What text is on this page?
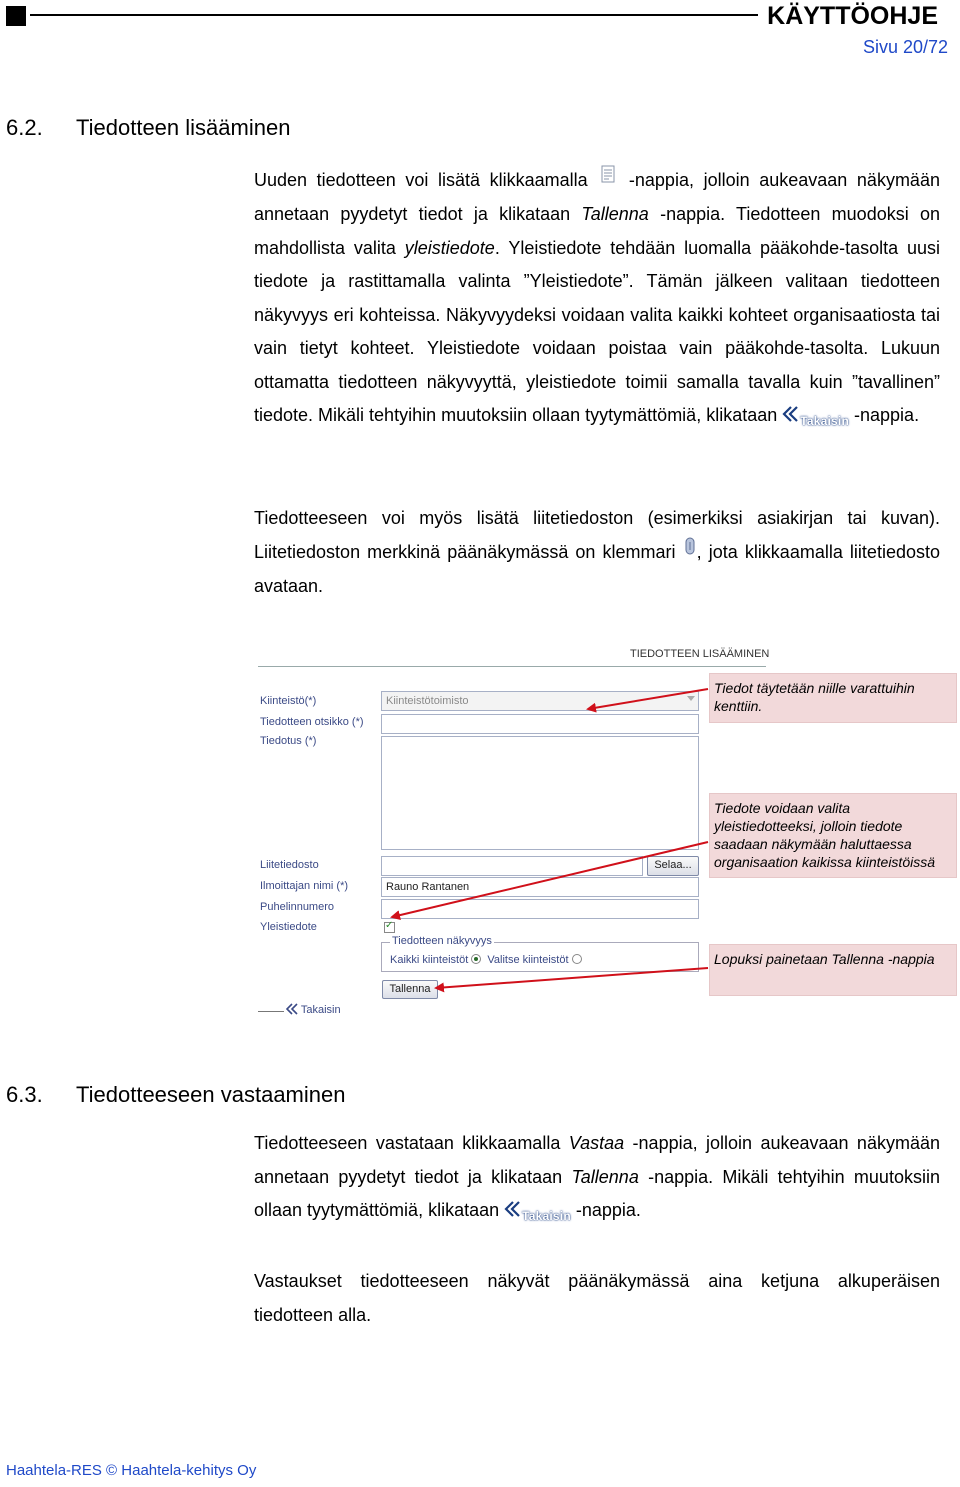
KÄYTTÖOHJE
Sivu 20/72
6.2. Tiedotteen lisääminen

Uuden tiedotteen voi lisätä klikkaamalla -nappia, jolloin aukeavaan näkymään annetaan pyydetyt tiedot ja klikataan Tallenna -nappia. Tiedotteen muodoksi on mahdollista valita yleistiedote. Yleistiedote tehdään luomalla pääkohde-tasolta uusi tiedote ja rastittamalla valinta ”Yleistiedote”. Tämän jälkeen valitaan tiedotteen näkyvyys eri kohteissa. Näkyvyydeksi voidaan valita kaikki kohteet organisaatiosta tai vain tietyt kohteet. Yleistiedote voidaan poistaa vain pääkohde-tasolta. Lukuun ottamatta tiedotteen näkyvyyttä, yleistiedote toimii samalla tavalla kuin ”tavallinen” tiedote. Mikäli tehtyihin muutoksiin ollaan tyytymättömiä, klikataan Takaisin -nappia.

Tiedotteeseen voi myös lisätä liitetiedoston (esimerkiksi asiakirjan tai kuvan). Liitetiedoston merkkinä päänäkymässä on klemmari , jota klikkaamalla liitetiedosto avataan.

TIEDOTTEEN LISÄÄMINEN
Kiinteistö(*)
Tiedotteen otsikko (*)
Tiedotus (*)
Liitetiedosto
Ilmoittajan nimi (*)
Puhelinnumero
Yleistiedote
Kiinteistötoimisto
Selaa...
Rauno Rantanen
✓
Tiedotteen näkyvyys
Kaikki kiinteistöt Valitse kiinteistöt
Tallenna
Takaisin
Tiedot täytetään niille varattuihin kenttiin.
Tiedote voidaan valita yleistiedotteeksi, jolloin tiedote saadaan näkymään haluttaessa organisaation kaikissa kiinteistöissä
Lopuksi painetaan Tallenna -nappia
6.3. Tiedotteeseen vastaaminen

Tiedotteeseen vastataan klikkaamalla Vastaa -nappia, jolloin aukeavaan näkymään annetaan pyydetyt tiedot ja klikataan Tallenna -nappia. Mikäli tehtyihin muutoksiin ollaan tyytymättömiä, klikataan Takaisin -nappia.

Vastaukset tiedotteeseen näkyvät päänäkymässä aina ketjuna alkuperäisen tiedotteen alla.

Haahtela-RES © Haahtela-kehitys Oy
